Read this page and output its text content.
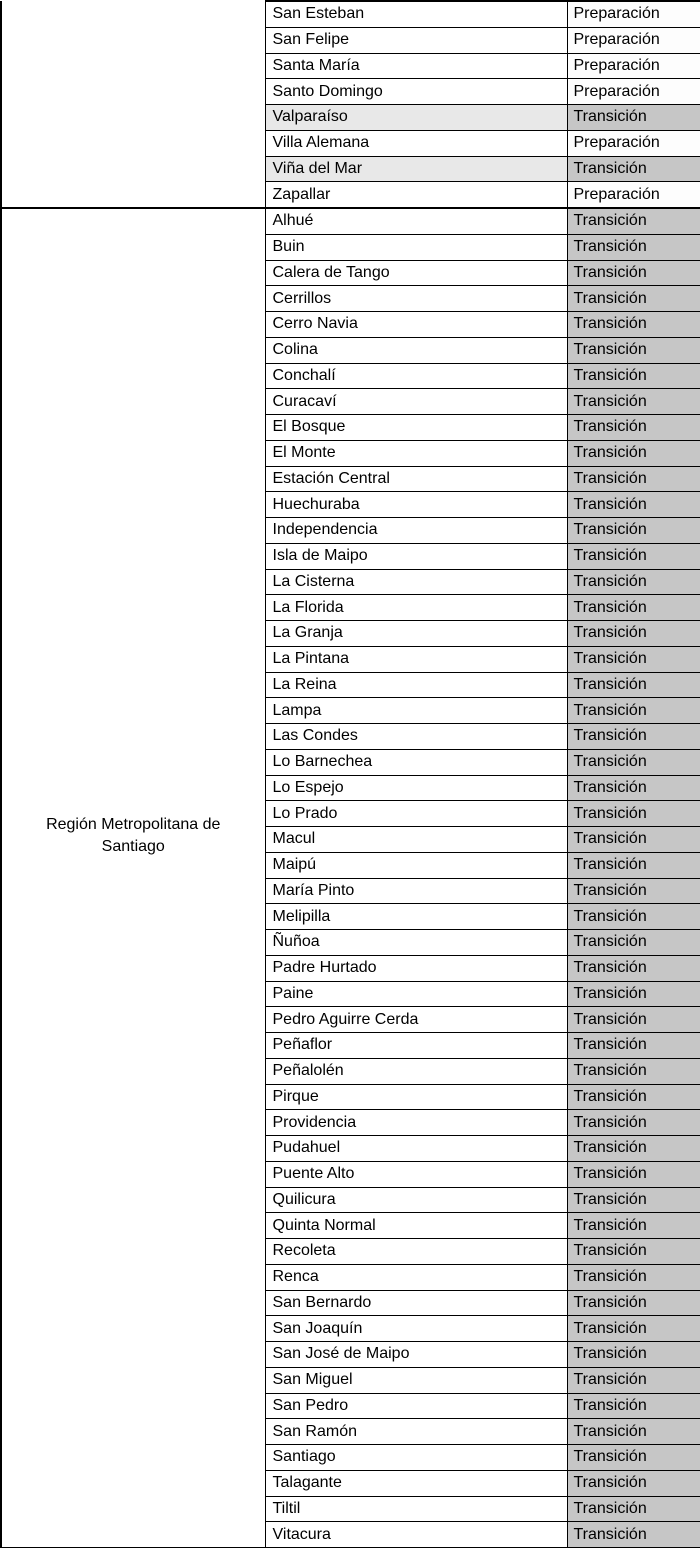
	San Esteban	Preparación
	San Felipe	Preparación
	Santa María	Preparación
	Santo Domingo	Preparación
	Valparaíso	Transición
	Villa Alemana	Preparación
	Viña del Mar	Transición
	Zapallar	Preparación

Región Metropolitana de Santiago	Alhué	Transición
	Buin	Transición
	Calera de Tango	Transición
	Cerrillos	Transición
	Cerro Navia	Transición
	Colina	Transición
	Conchalí	Transición
	Curacaví	Transición
	El Bosque	Transición
	El Monte	Transición
	Estación Central	Transición
	Huechuraba	Transición
	Independencia	Transición
	Isla de Maipo	Transición
	La Cisterna	Transición
	La Florida	Transición
	La Granja	Transición
	La Pintana	Transición
	La Reina	Transición
	Lampa	Transición
	Las Condes	Transición
	Lo Barnechea	Transición
	Lo Espejo	Transición
	Lo Prado	Transición
	Macul	Transición
	Maipú	Transición
	María Pinto	Transición
	Melipilla	Transición
	Ñuñoa	Transición
	Padre Hurtado	Transición
	Paine	Transición
	Pedro Aguirre Cerda	Transición
	Peñaflor	Transición
	Peñalolén	Transición
	Pirque	Transición
	Providencia	Transición
	Pudahuel	Transición
	Puente Alto	Transición
	Quilicura	Transición
	Quinta Normal	Transición
	Recoleta	Transición
	Renca	Transición
	San Bernardo	Transición
	San Joaquín	Transición
	San José de Maipo	Transición
	San Miguel	Transición
	San Pedro	Transición
	San Ramón	Transición
	Santiago	Transición
	Talagante	Transición
	Tiltil	Transición
	Vitacura	Transición
